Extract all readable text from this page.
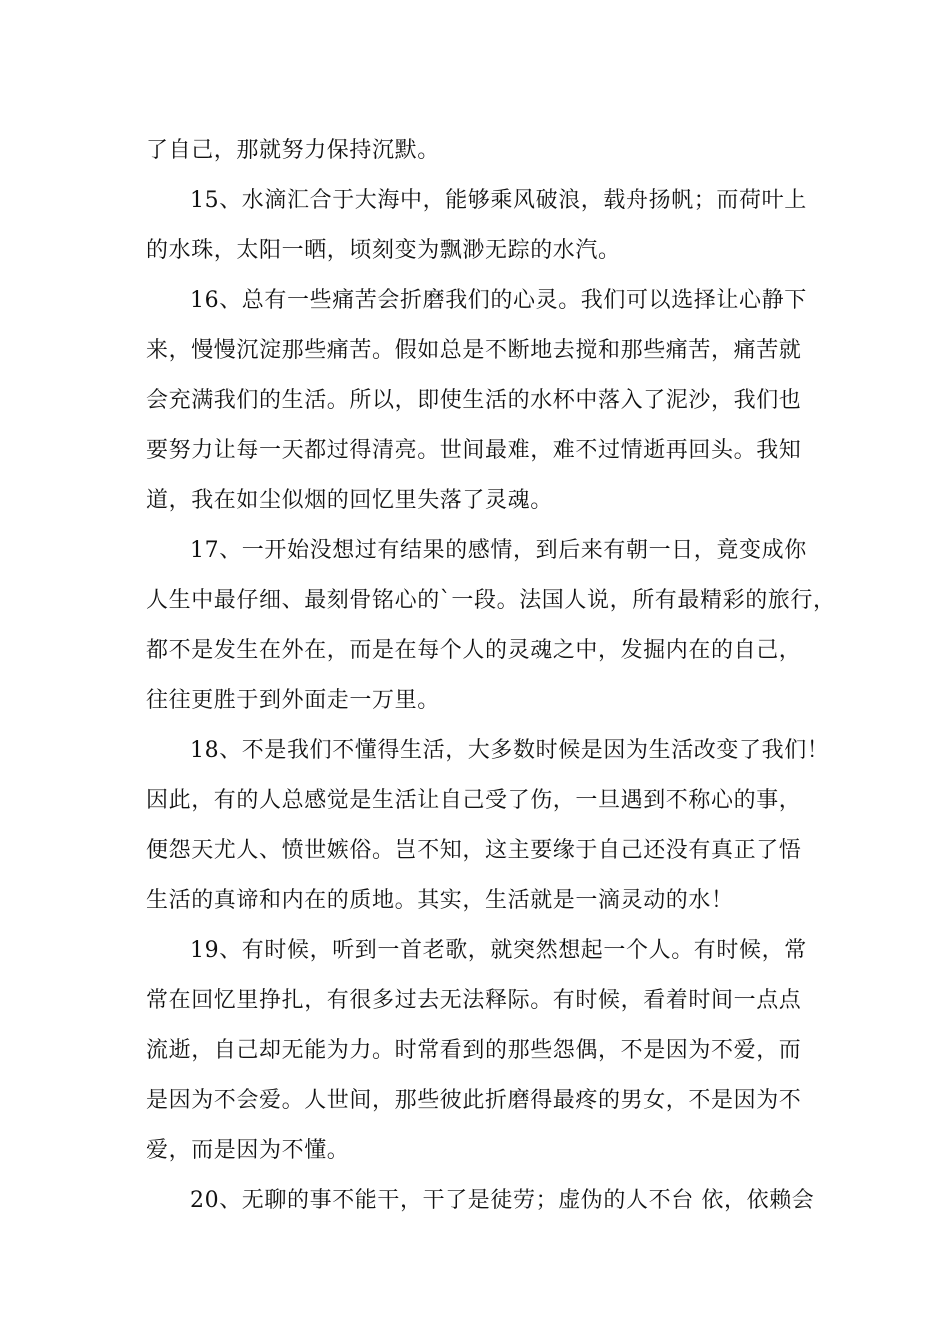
了自己，那就努力保持沉默。
15、水滴汇合于大海中，能够乘风破浪，载舟扬帆；而荷叶上
的水珠，太阳一晒，顷刻变为飘渺无踪的水汽。
16、总有一些痛苦会折磨我们的心灵。我们可以选择让心静下
来，慢慢沉淀那些痛苦。假如总是不断地去搅和那些痛苦，痛苦就
会充满我们的生活。所以，即使生活的水杯中落入了泥沙，我们也
要努力让每一天都过得清亮。世间最难，难不过情逝再回头。我知
道，我在如尘似烟的回忆里失落了灵魂。
17、一开始没想过有结果的感情，到后来有朝一日，竟变成你
人生中最仔细、最刻骨铭心的`一段。法国人说，所有最精彩的旅行，
都不是发生在外在，而是在每个人的灵魂之中，发掘内在的自己，
往往更胜于到外面走一万里。
18、不是我们不懂得生活，大多数时候是因为生活改变了我们！
因此，有的人总感觉是生活让自己受了伤，一旦遇到不称心的事，
便怨天尤人、愤世嫉俗。岂不知，这主要缘于自己还没有真正了悟
生活的真谛和内在的质地。其实，生活就是一滴灵动的水！
19、有时候，听到一首老歌，就突然想起一个人。有时候，常
常在回忆里挣扎，有很多过去无法释际。有时候，看着时间一点点
流逝，自己却无能为力。时常看到的那些怨偶，不是因为不爱，而
是因为不会爱。人世间，那些彼此折磨得最疼的男女，不是因为不
爱，而是因为不懂。
20、无聊的事不能干，干了是徒劳；虚伪的人不台 依，依赖会
